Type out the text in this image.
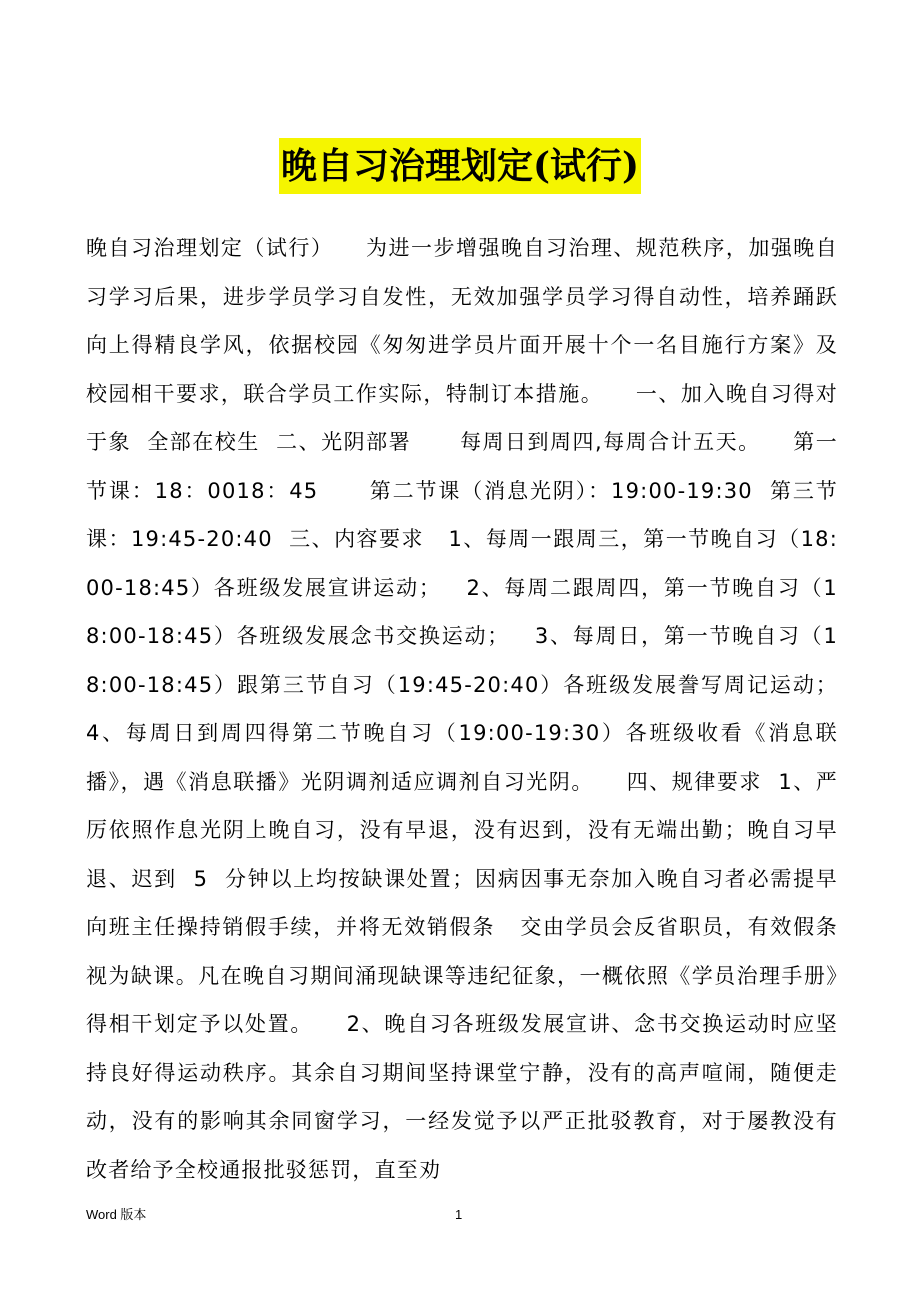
晚自习治理划定(试行)
晚自习治理划定（试行）    为进一步增强晚自习治理、规范秩序，加强晚自习学习后果，进步学员学习自发性，无效加强学员学习得自动性，培养踊跃向上得精良学风，依据校园《匆匆进学员片面开展十个一名目施行方案》及校园相干要求，联合学员工作实际，特制订本措施。    一、加入晚自习得对于象  全部在校生  二、光阴部署      每周日到周四,每周合计五天。    第一节课：18：0018：45      第二节课（消息光阴）：19:00-19:30  第三节课：19:45-20:40  三、内容要求   1、每周一跟周三，第一节晚自习（18:00-18:45）各班级发展宣讲运动；   2、每周二跟周四，第一节晚自习（18:00-18:45）各班级发展念书交换运动；   3、每周日，第一节晚自习（18:00-18:45）跟第三节自习（19:45-20:40）各班级发展誊写周记运动；   4、每周日到周四得第二节晚自习（19:00-19:30）各班级收看《消息联播》，遇《消息联播》光阴调剂适应调剂自习光阴。    四、规律要求  1、严厉依照作息光阴上晚自习，没有早退，没有迟到，没有无端出勤；晚自习早退、迟到  5  分钟以上均按缺课处置；因病因事无奈加入晚自习者必需提早向班主任操持销假手续，并将无效销假条   交由学员会反省职员，有效假条视为缺课。凡在晚自习期间涌现缺课等违纪征象，一概依照《学员治理手册》得相干划定予以处置。    2、晚自习各班级发展宣讲、念书交换运动时应坚持良好得运动秩序。其余自习期间坚持课堂宁静，没有的高声喧闹，随便走动，没有的影响其余同窗学习，一经发觉予以严正批驳教育，对于屡教没有改者给予全校通报批驳惩罚，直至劝
Word 版本	1
